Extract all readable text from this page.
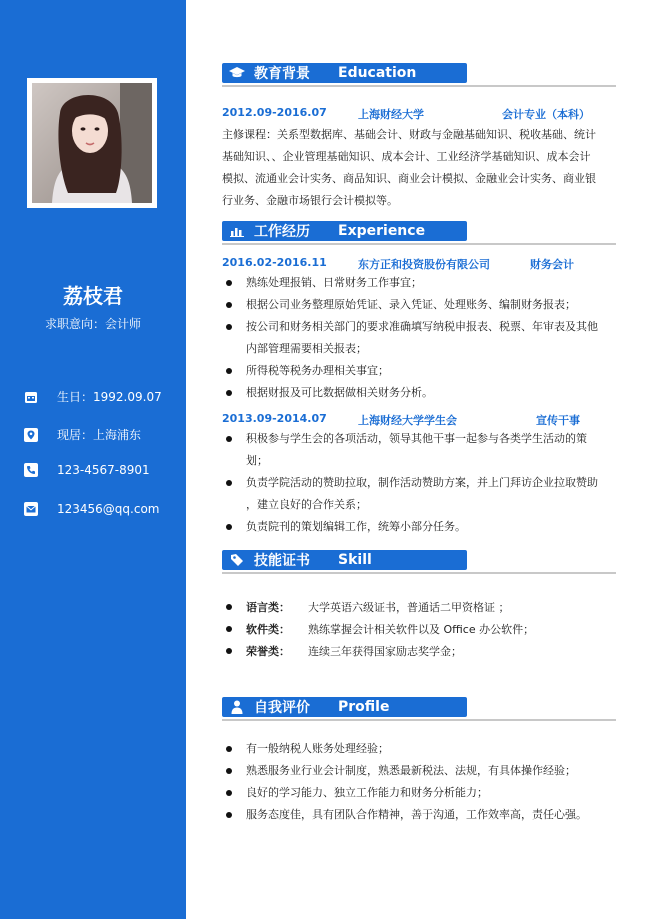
荔枝君
求职意向：会计师
生日：1992.09.07
现居：上海浦东
123-4567-8901
123456@qq.com
教育背景	Education
2012.09-2016.07	上海财经大学	会计专业（本科）
主修课程：关系型数据库、基础会计、财政与金融基础知识、税收基础、统计
基础知识、、企业管理基础知识、成本会计、工业经济学基础知识、成本会计
模拟、流通业会计实务、商品知识、商业会计模拟、金融业会计实务、商业银
行业务、金融市场银行会计模拟等。
工作经历	Experience
2016.02-2016.11	东方正和投资股份有限公司	财务会计
熟练处理报销、日常财务工作事宜；
根据公司业务整理原始凭证、录入凭证、处理账务、编制财务报表；
按公司和财务相关部门的要求准确填写纳税申报表、税票、年审表及其他
内部管理需要相关报表；
所得税等税务办理相关事宜；
根据财报及可比数据做相关财务分析。
2013.09-2014.07	上海财经大学学生会	宣传干事
积极参与学生会的各项活动，领导其他干事一起参与各类学生活动的策
划；
负责学院活动的赞助拉取，制作活动赞助方案，并上门拜访企业拉取赞助
，建立良好的合作关系；
负责院刊的策划编辑工作，统筹小部分任务。
技能证书	Skill
语言类：	大学英语六级证书，普通话二甲资格证 ；
软件类：	熟练掌握会计相关软件以及 Office 办公软件；
荣誉类：	连续三年获得国家励志奖学金；
自我评价	Profile
有一般纳税人账务处理经验；
熟悉服务业行业会计制度，熟悉最新税法、法规，有具体操作经验；
良好的学习能力、独立工作能力和财务分析能力；
服务态度佳，具有团队合作精神，善于沟通，工作效率高，责任心强。
